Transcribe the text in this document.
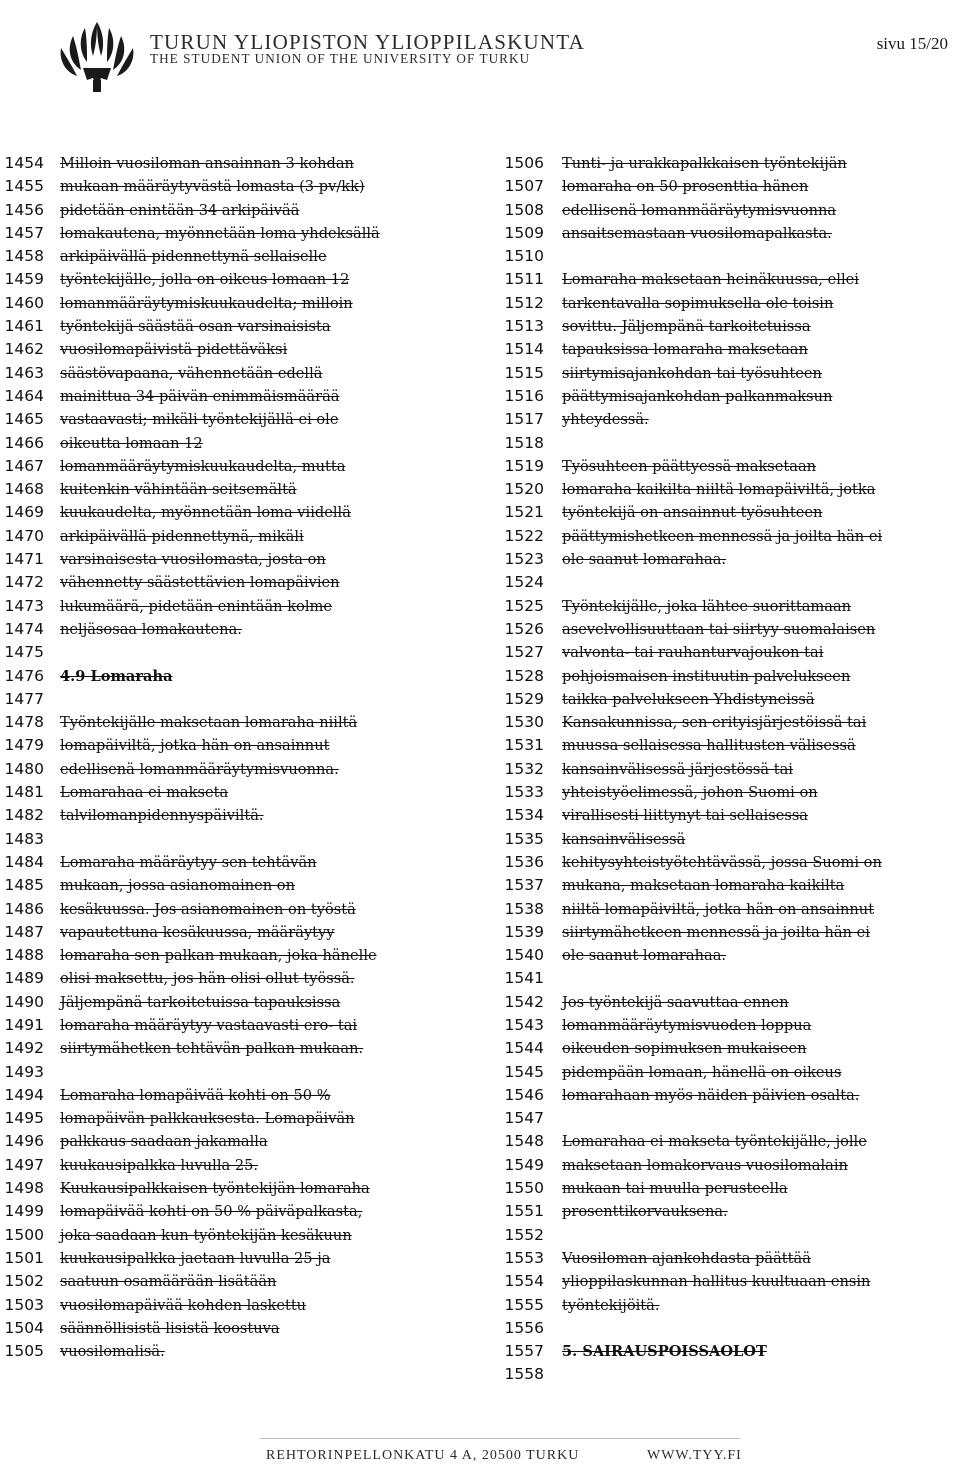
TURUN YLIOPISTON YLIOPPILASKUNTA
THE STUDENT UNION OF THE UNIVERSITY OF TURKU
sivu 15/20
1454 Milloin vuosiloman ansainnan 3 kohdan
1455 mukaan määräytyvästä lomasta (3 pv/kk)
1456 pidetään enintään 34 arkipäivää
1457 lomakautena, myönnetään loma yhdeksällä
1458 arkipäivällä pidennettynä sellaiselle
1459 työntekijälle, jolla on oikeus lomaan 12
1460 lomanmääräytymiskuukaudelta; milloin
1461 työntekijä säästää osan varsinaisista
1462 vuosilomapäivistä pidettäväksi
1463 säästövapaana, vähennetään edellä
1464 mainittua 34 päivän enimmäismäärää
1465 vastaavasti; mikäli työntekijällä ei ole
1466 oikeutta lomaan 12
1467 lomanmääräytymiskuukaudelta, mutta
1468 kuitenkin vähintään seitsemältä
1469 kuukaudelta, myönnetään loma viidellä
1470 arkipäivällä pidennettynä, mikäli
1471 varsinaisesta vuosilomasta, josta on
1472 vähennetty säästettävien lomapäivien
1473 lukumäärä, pidetään enintään kolme
1474 neljäsosaa lomakautena.
1475
1476 4.9 Lomaraha
1477
1478 Työntekijälle maksetaan lomaraha niiltä
1479 lomapäiviltä, jotka hän on ansainnut
1480 edellisenä lomanmääräytymisvuonna.
1481 Lomarahaa ei makseta
1482 talvilomanpidennyspäiviltä.
1483
1484 Lomaraha määräytyy sen tehtävän
1485 mukaan, jossa asianomainen on
1486 kesäkuussa. Jos asianomainen on työstä
1487 vapautettuna kesäkuussa, määräytyy
1488 lomaraha sen palkan mukaan, joka hänelle
1489 olisi maksettu, jos hän olisi ollut työssä.
1490 Jäljempänä tarkoitetuissa tapauksissa
1491 lomaraha määräytyy vastaavasti ero- tai
1492 siirtymähetken tehtävän palkan mukaan.
1493
1494 Lomaraha lomapäivää kohti on 50 %
1495 lomapäivän palkkauksesta. Lomapäivän
1496 palkkaus saadaan jakamalla
1497 kuukausipalkka luvulla 25.
1498 Kuukausipalkkaisen työntekijän lomaraha
1499 lomapäivää kohti on 50 % päiväpalkasta,
1500 joka saadaan kun työntekijän kesäkuun
1501 kuukausipalkka jaetaan luvulla 25 ja
1502 saatuun osamäärään lisätään
1503 vuosilomapäivää kohden laskettu
1504 säännöllisistä lisistä koostuva
1505 vuosilomalisä.
1506 Tunti- ja urakkapalkkaisen työntekijän
1507 lomaraha on 50 prosenttia hänen
1508 edellisenä lomanmääräytymisvuonna
1509 ansaitsemastaan vuosilomapalkasta.
1510
1511 Lomaraha maksetaan heinäkuussa, ellei
1512 tarkentavalla sopimuksella ole toisin
1513 sovittu. Jäljempänä tarkoitetuissa
1514 tapauksissa lomaraha maksetaan
1515 siirtymisajankohdan tai työsuhteen
1516 päättymisajankohdan palkanmaksun
1517 yhteydessä.
1518
1519 Työsuhteen päättyessä maksetaan
1520 lomaraha kaikilta niiltä lomapäiviltä, jotka
1521 työntekijä on ansainnut työsuhteen
1522 päättymishetkeen mennessä ja joilta hän ei
1523 ole saanut lomarahaa.
1524
1525 Työntekijälle, joka lähtee suorittamaan
1526 asevelvollisuuttaan tai siirtyy suomalaisen
1527 valvonta- tai rauhanturvajoukon tai
1528 pohjoismaisen instituutin palvelukseen
1529 taikka palvelukseen Yhdistyneissä
1530 Kansakunnissa, sen erityisjärjestöissä tai
1531 muussa sellaisessa hallitusten välisessä
1532 kansainvälisessä järjestössä tai
1533 yhteistyöelimessä, johon Suomi on
1534 virallisesti liittynyt tai sellaisessa
1535 kansainvälisessä
1536 kehitysyhteistyötehtävässä, jossa Suomi on
1537 mukana, maksetaan lomaraha kaikilta
1538 niiltä lomapäiviltä, jotka hän on ansainnut
1539 siirtymähetkeen mennessä ja joilta hän ei
1540 ole saanut lomarahaa.
1541
1542 Jos työntekijä saavuttaa ennen
1543 lomanmääräytymisvuoden loppua
1544 oikeuden sopimuksen mukaiseen
1545 pidempään lomaan, hänellä on oikeus
1546 lomarahaan myös näiden päivien osalta.
1547
1548 Lomarahaa ei makseta työntekijälle, jolle
1549 maksetaan lomakorvaus vuosilomalain
1550 mukaan tai muulla perusteella
1551 prosenttikorvauksena.
1552
1553 Vuosiloman ajankohdasta päättää
1554 ylioppilaskunnan hallitus kuultuaan ensin
1555 työntekijöitä.
1556
1557 5. SAIRAUSPOISSAOLOT
1558
REHTORINPELLONKATU 4 A, 20500 TURKU	WWW.TYY.FI
